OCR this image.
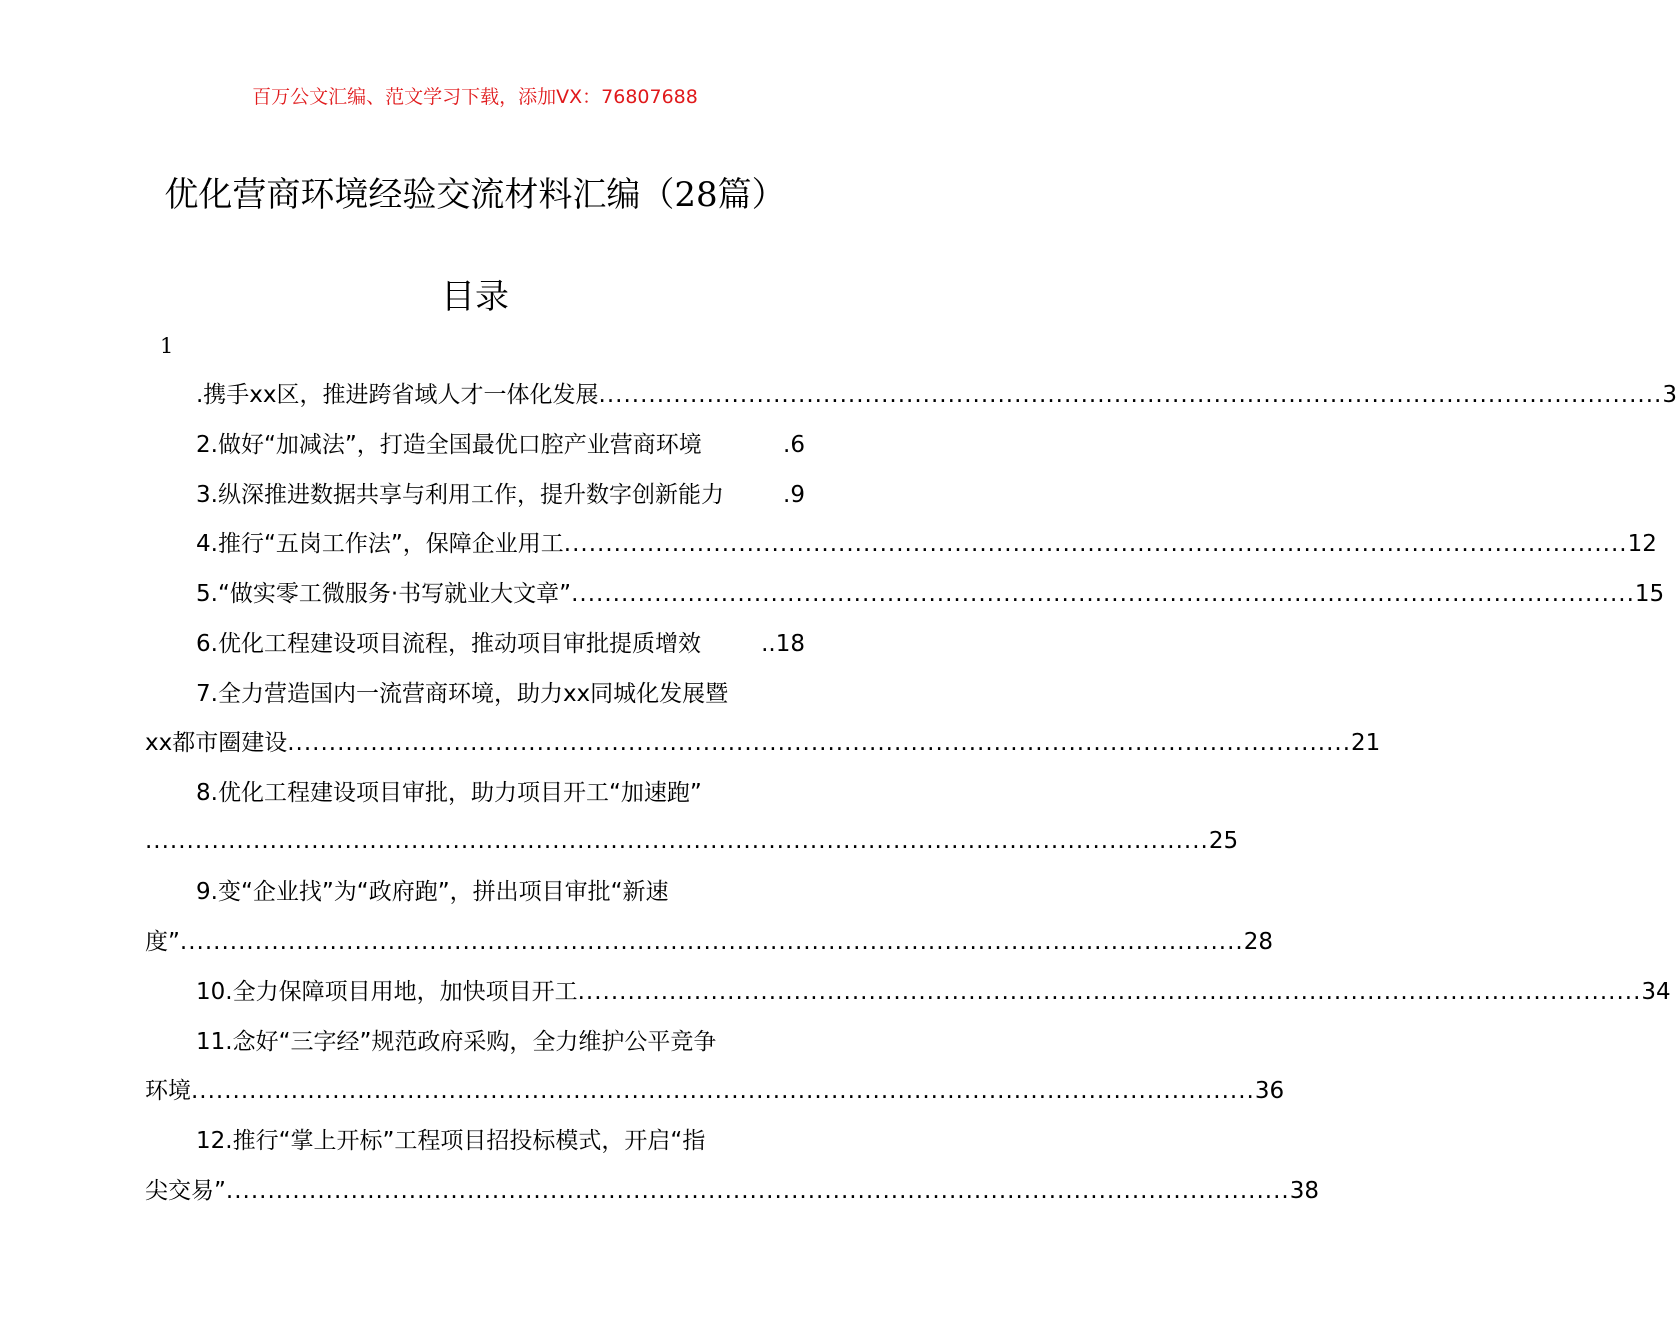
百万公文汇编、范文学习下载，添加VX：76807688
优化营商环境经验交流材料汇编（28篇）
目录
1
.携手xx区，推进跨省域人才一体化发展 ................................................................................................................................ 3
2.做好“加减法”，打造全国最优口腔产业营商环境	.6
3.纵深推进数据共享与利用工作，提升数字创新能力	.9
4.推行“五岗工作法”，保障企业用工 ................................................................................................................................ 12
5.“做实零工微服务·书写就业大文章” ................................................................................................................................ 15
6.优化工程建设项目流程，推动项目审批提质增效	..18
7.全力营造国内一流营商环境，助力xx同城化发展暨
xx都市圈建设 ................................................................................................................................ 21
8.优化工程建设项目审批，助力项目开工“加速跑”
................................................................................................................................ 25
9.变“企业找”为“政府跑”，拼出项目审批“新速
度” ................................................................................................................................ 28
10.全力保障项目用地，加快项目开工 ................................................................................................................................ 34
11.念好“三字经”规范政府采购，全力维护公平竞争
环境 ................................................................................................................................ 36
12.推行“掌上开标”工程项目招投标模式，开启“指
尖交易” ................................................................................................................................ 38
